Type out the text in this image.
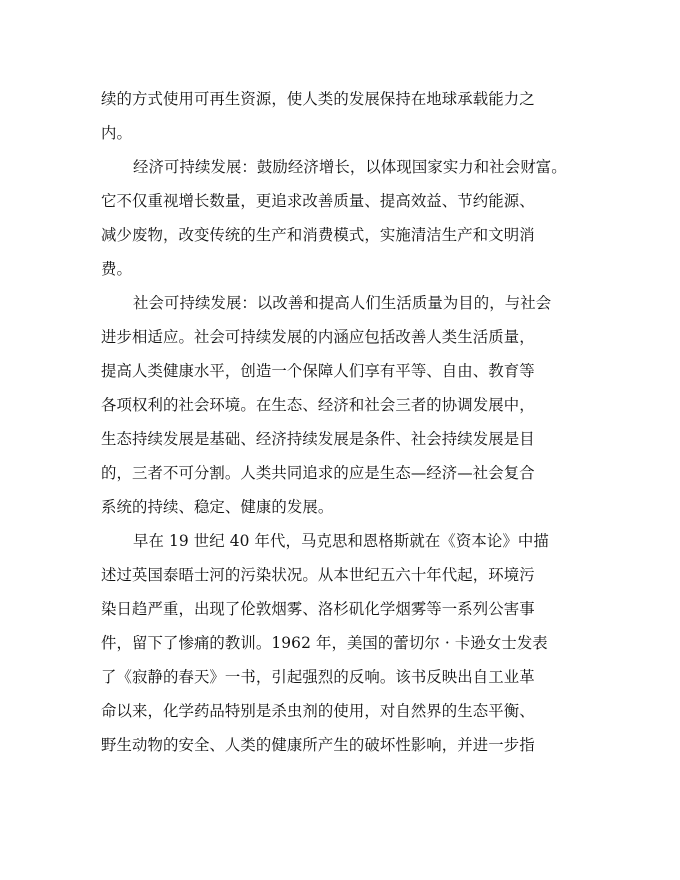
续的方式使用可再生资源，使人类的发展保持在地球承载能力之
内。
经济可持续发展：鼓励经济增长，以体现国家实力和社会财富。
它不仅重视增长数量，更追求改善质量、提高效益、节约能源、
减少废物，改变传统的生产和消费模式，实施清洁生产和文明消
费。
社会可持续发展：以改善和提高人们生活质量为目的，与社会
进步相适应。社会可持续发展的内涵应包括改善人类生活质量，
提高人类健康水平，创造一个保障人们享有平等、自由、教育等
各项权利的社会环境。在生态、经济和社会三者的协调发展中，
生态持续发展是基础、经济持续发展是条件、社会持续发展是目
的，三者不可分割。人类共同追求的应是生态—经济—社会复合
系统的持续、稳定、健康的发展。
早在 19 世纪 40 年代，马克思和恩格斯就在《资本论》中描
述过英国泰晤士河的污染状况。从本世纪五六十年代起，环境污
染日趋严重，出现了伦敦烟雾、洛杉矶化学烟雾等一系列公害事
件，留下了惨痛的教训。1962 年，美国的蕾切尔 · 卡逊女士发表
了《寂静的春天》一书，引起强烈的反响。该书反映出自工业革
命以来，化学药品特别是杀虫剂的使用，对自然界的生态平衡、
野生动物的安全、人类的健康所产生的破坏性影响，并进一步指
